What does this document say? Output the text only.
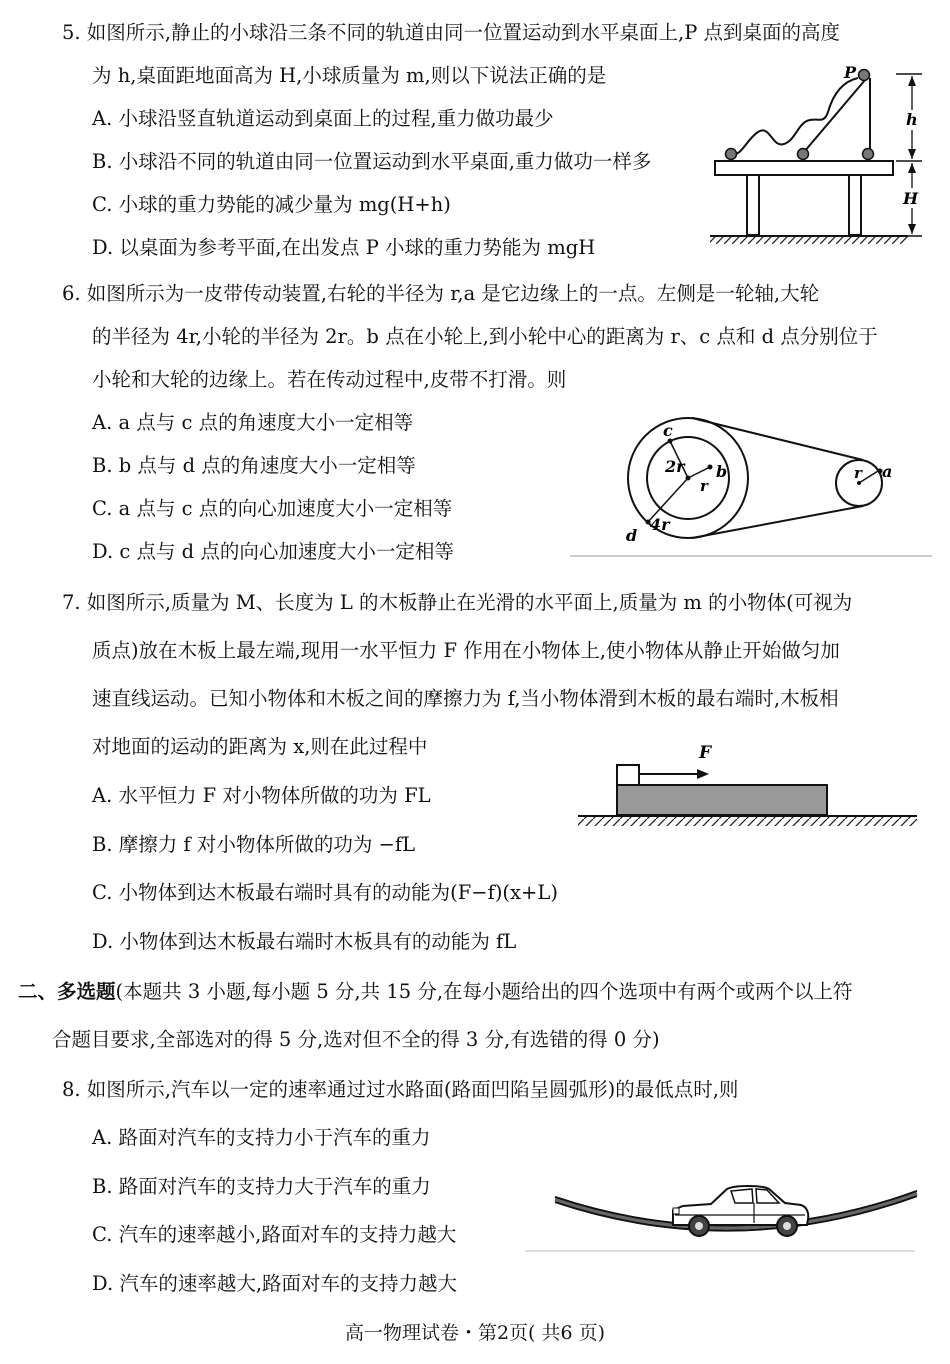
5. 如图所示,静止的小球沿三条不同的轨道由同一位置运动到水平桌面上,P 点到桌面的高度
为 h,桌面距地面高为 H,小球质量为 m,则以下说法正确的是
A. 小球沿竖直轨道运动到桌面上的过程,重力做功最少
B. 小球沿不同的轨道由同一位置运动到水平桌面,重力做功一样多
C. 小球的重力势能的减少量为 mg(H+h)
D. 以桌面为参考平面,在出发点 P 小球的重力势能为 mgH
P
h
H
6. 如图所示为一皮带传动装置,右轮的半径为 r,a 是它边缘上的一点。左侧是一轮轴,大轮
的半径为 4r,小轮的半径为 2r。b 点在小轮上,到小轮中心的距离为 r、c 点和 d 点分别位于
小轮和大轮的边缘上。若在传动过程中,皮带不打滑。则
A. a 点与 c 点的角速度大小一定相等
B. b 点与 d 点的角速度大小一定相等
C. a 点与 c 点的向心加速度大小一定相等
D. c 点与 d 点的向心加速度大小一定相等
c
2r b
r
d
4r
r a
7. 如图所示,质量为 M、长度为 L 的木板静止在光滑的水平面上,质量为 m 的小物体(可视为
质点)放在木板上最左端,现用一水平恒力 F 作用在小物体上,使小物体从静止开始做匀加
速直线运动。已知小物体和木板之间的摩擦力为 f,当小物体滑到木板的最右端时,木板相
对地面的运动的距离为 x,则在此过程中
A. 水平恒力 F 对小物体所做的功为 FL
B. 摩擦力 f 对小物体所做的功为 −fL
C. 小物体到达木板最右端时具有的动能为(F−f)(x+L)
D. 小物体到达木板最右端时木板具有的动能为 fL
F
二、多选题(本题共 3 小题,每小题 5 分,共 15 分,在每小题给出的四个选项中有两个或两个以上符
合题目要求,全部选对的得 5 分,选对但不全的得 3 分,有选错的得 0 分)
8. 如图所示,汽车以一定的速率通过过水路面(路面凹陷呈圆弧形)的最低点时,则
A. 路面对汽车的支持力小于汽车的重力
B. 路面对汽车的支持力大于汽车的重力
C. 汽车的速率越小,路面对车的支持力越大
D. 汽车的速率越大,路面对车的支持力越大
高一物理试卷・第2页( 共6 页)
